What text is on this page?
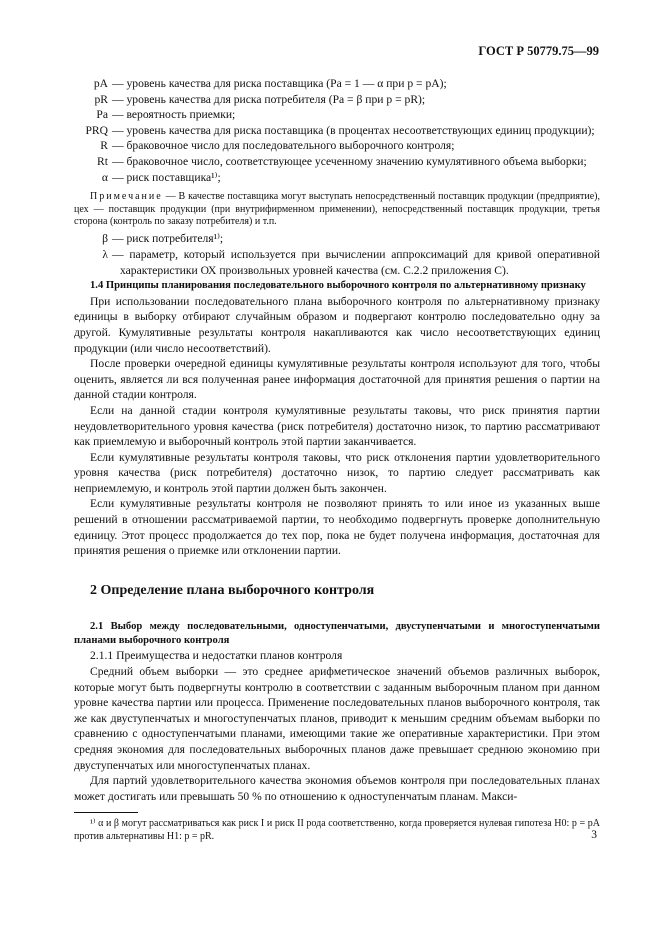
ГОСТ Р 50779.75—99
pA — уровень качества для риска поставщика (Pa = 1 — α при p = pA);
pR — уровень качества для риска потребителя (Pa = β при p = pR);
Pa — вероятность приемки;
PRQ — уровень качества для риска поставщика (в процентах несоответствующих единиц продукции);
R — браковочное число для последовательного выборочного контроля;
Rt — браковочное число, соответствующее усеченному значению кумулятивного объема выборки;
α — риск поставщика¹⁾;
Примечание — В качестве поставщика могут выступать непосредственный поставщик продукции (предприятие), цех — поставщик продукции (при внутрифирменном применении), непосредственный поставщик продукции, третья сторона (контроль по заказу потребителя) и т.п.
β — риск потребителя¹⁾;
λ — параметр, который используется при вычислении аппроксимаций для кривой оперативной характеристики ОХ произвольных уровней качества (см. С.2.2 приложения С).
1.4 Принципы планирования последовательного выборочного контроля по альтернативному признаку

При использовании последовательного плана выборочного контроля по альтернативному признаку единицы в выборку отбирают случайным образом и подвергают контролю последовательно одну за другой. Кумулятивные результаты контроля накапливаются как число несоответствующих единиц продукции (или число несоответствий).

После проверки очередной единицы кумулятивные результаты контроля используют для того, чтобы оценить, является ли вся полученная ранее информация достаточной для принятия решения о партии на данной стадии контроля.

Если на данной стадии контроля кумулятивные результаты таковы, что риск принятия партии неудовлетворительного уровня качества (риск потребителя) достаточно низок, то партию рассматривают как приемлемую и выборочный контроль этой партии заканчивается.

Если кумулятивные результаты контроля таковы, что риск отклонения партии удовлетворительного уровня качества (риск потребителя) достаточно низок, то партию следует рассматривать как неприемлемую, и контроль этой партии должен быть закончен.

Если кумулятивные результаты контроля не позволяют принять то или иное из указанных выше решений в отношении рассматриваемой партии, то необходимо подвергнуть проверке дополнительную единицу. Этот процесс продолжается до тех пор, пока не будет получена информация, достаточная для принятия решения о приемке или отклонении партии.

2 Определение плана выборочного контроля
2.1 Выбор между последовательными, одноступенчатыми, двуступенчатыми и многоступенчатыми планами выборочного контроля

2.1.1 Преимущества и недостатки планов контроля

Средний объем выборки — это среднее арифметическое значений объемов различных выборок, которые могут быть подвергнуты контролю в соответствии с заданным выборочным планом при данном уровне качества партии или процесса. Применение последовательных планов выборочного контроля, так же как двуступенчатых и многоступенчатых планов, приводит к меньшим средним объемам выборки по сравнению с одноступенчатыми планами, имеющими такие же оперативные характеристики. При этом средняя экономия для последовательных выборочных планов даже превышает среднюю экономию при двуступенчатых или многоступенчатых планах.

Для партий удовлетворительного качества экономия объемов контроля при последовательных планах может достигать или превышать 50 % по отношению к одноступенчатым планам. Макси-

¹⁾ α и β могут рассматриваться как риск I и риск II рода соответственно, когда проверяется нулевая гипотеза H0: p = pA против альтернативы H1: p = pR.	3
